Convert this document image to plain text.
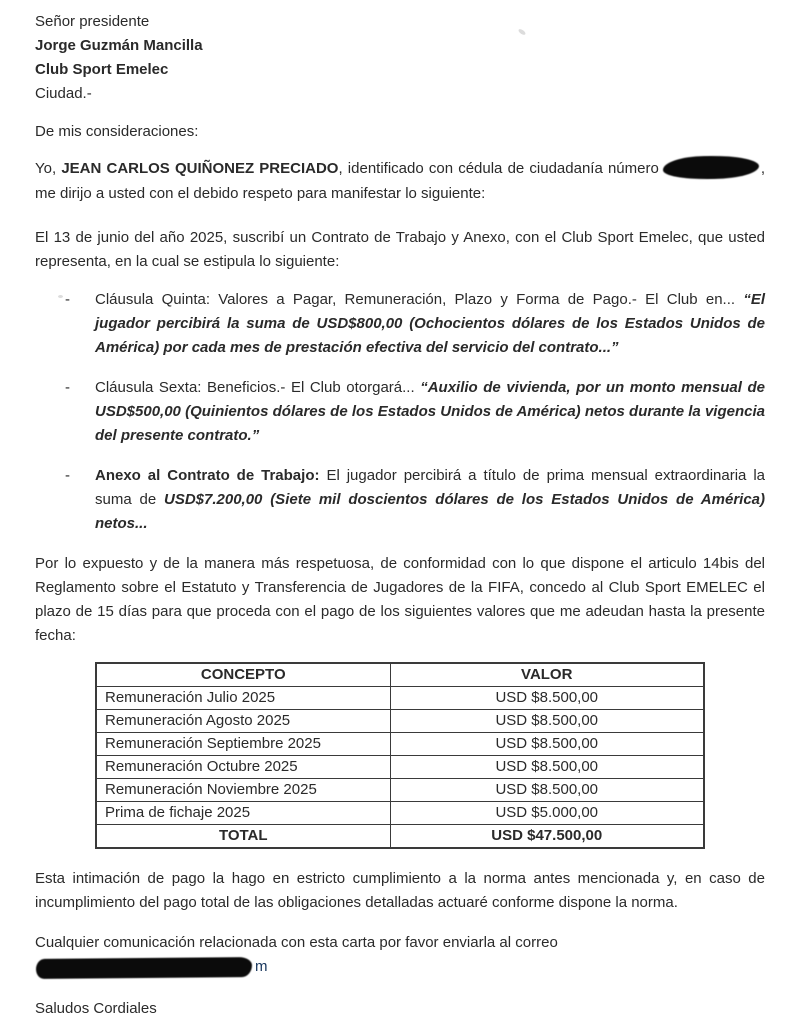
Señor presidente
Jorge Guzmán Mancilla
Club Sport Emelec
Ciudad.-

De mis consideraciones:

Yo, JEAN CARLOS QUIÑONEZ PRECIADO, identificado con cédula de ciudadanía número	, me dirijo a usted con el debido respeto para manifestar lo siguiente:

El 13 de junio del año 2025, suscribí un Contrato de Trabajo y Anexo, con el Club Sport Emelec, que usted representa, en la cual se estipula lo siguiente:

-	Cláusula Quinta: Valores a Pagar, Remuneración, Plazo y Forma de Pago.- El Club en... “El jugador percibirá la suma de USD$800,00 (Ochocientos dólares de los Estados Unidos de América) por cada mes de prestación efectiva del servicio del contrato...”
-	Cláusula Sexta: Beneficios.- El Club otorgará... “Auxilio de vivienda, por un monto mensual de USD$500,00 (Quinientos dólares de los Estados Unidos de América) netos durante la vigencia del presente contrato.”
-	Anexo al Contrato de Trabajo: El jugador percibirá a título de prima mensual extraordinaria la suma de USD$7.200,00 (Siete mil doscientos dólares de los Estados Unidos de América) netos...

Por lo expuesto y de la manera más respetuosa, de conformidad con lo que dispone el articulo 14bis del Reglamento sobre el Estatuto y Transferencia de Jugadores de la FIFA, concedo al Club Sport EMELEC el plazo de 15 días para que proceda con el pago de los siguientes valores que me adeudan hasta la presente fecha:

CONCEPTO	VALOR
Remuneración Julio 2025	USD $8.500,00
Remuneración Agosto 2025	USD $8.500,00
Remuneración Septiembre 2025	USD $8.500,00
Remuneración Octubre 2025	USD $8.500,00
Remuneración Noviembre 2025	USD $8.500,00
Prima de fichaje 2025	USD $5.000,00
TOTAL	USD $47.500,00

Esta intimación de pago la hago en estricto cumplimiento a la norma antes mencionada y, en caso de incumplimiento del pago total de las obligaciones detalladas actuaré conforme dispone la norma.

Cualquier comunicación relacionada con esta carta por favor enviarla al correo
m

Saludos Cordiales
